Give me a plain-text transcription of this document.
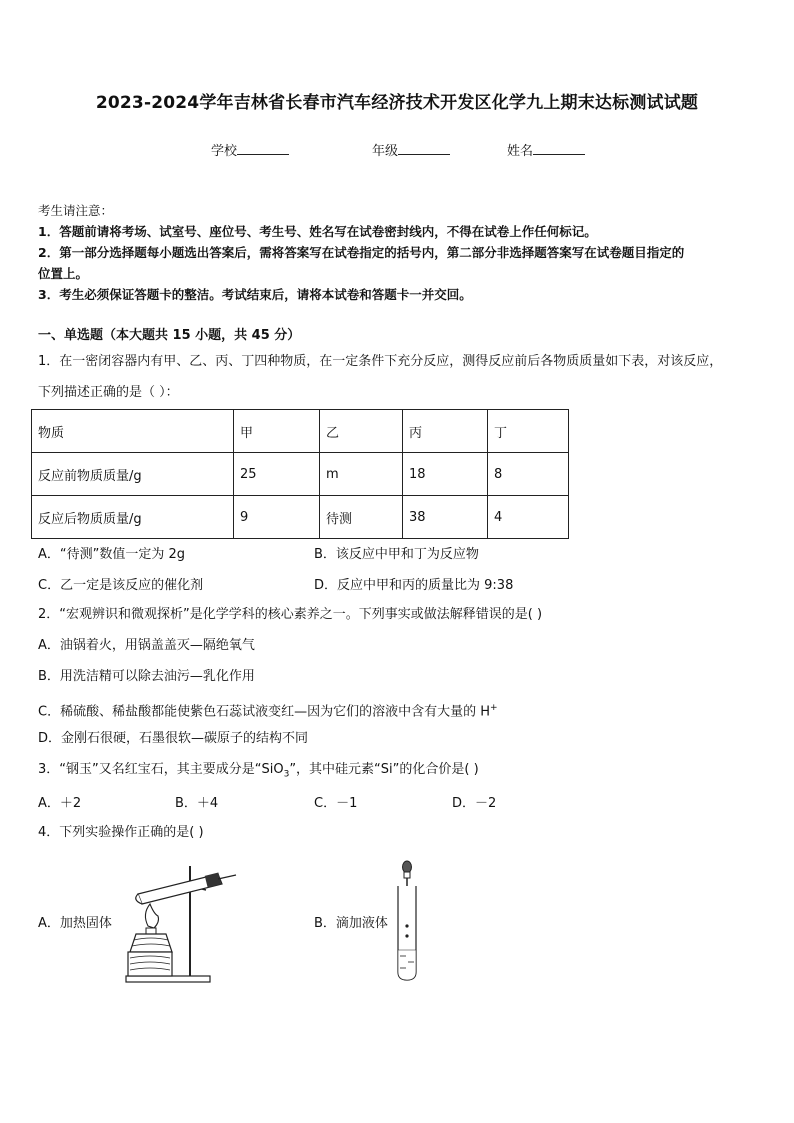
2023-2024学年吉林省长春市汽车经济技术开发区化学九上期末达标测试试题
学校	年级	姓名
考生请注意：
1．答题前请将考场、试室号、座位号、考生号、姓名写在试卷密封线内，不得在试卷上作任何标记。
2．第一部分选择题每小题选出答案后，需将答案写在试卷指定的括号内，第二部分非选择题答案写在试卷题目指定的
位置上。
3．考生必须保证答题卡的整洁。考试结束后，请将本试卷和答题卡一并交回。
一、单选题（本大题共 15 小题，共 45 分）
1．在一密闭容器内有甲、乙、丙、丁四种物质，在一定条件下充分反应，测得反应前后各物质质量如下表，对该反应，
下列描述正确的是（ ）：
物质	甲	乙	丙	丁
反应前物质质量/g	25	m	18	8
反应后物质质量/g	9	待测	38	4
A．“待测”数值一定为 2g	B．该反应中甲和丁为反应物
C．乙一定是该反应的催化剂	D．反应中甲和丙的质量比为 9:38
2．“宏观辨识和微观探析”是化学学科的核心素养之一。下列事实或做法解释错误的是( )
A．油锅着火，用锅盖盖灭—隔绝氧气
B．用洗洁精可以除去油污—乳化作用
C．稀硫酸、稀盐酸都能使紫色石蕊试液变红—因为它们的溶液中含有大量的 H+
D．金刚石很硬，石墨很软—碳原子的结构不同
3．“钢玉”又名红宝石，其主要成分是“SiO$_3$”，其中硅元素“Si”的化合价是( )
A．＋2	B．＋4	C．－1	D．－2
4．下列实验操作正确的是( )
A．加热固体	B．滴加液体
